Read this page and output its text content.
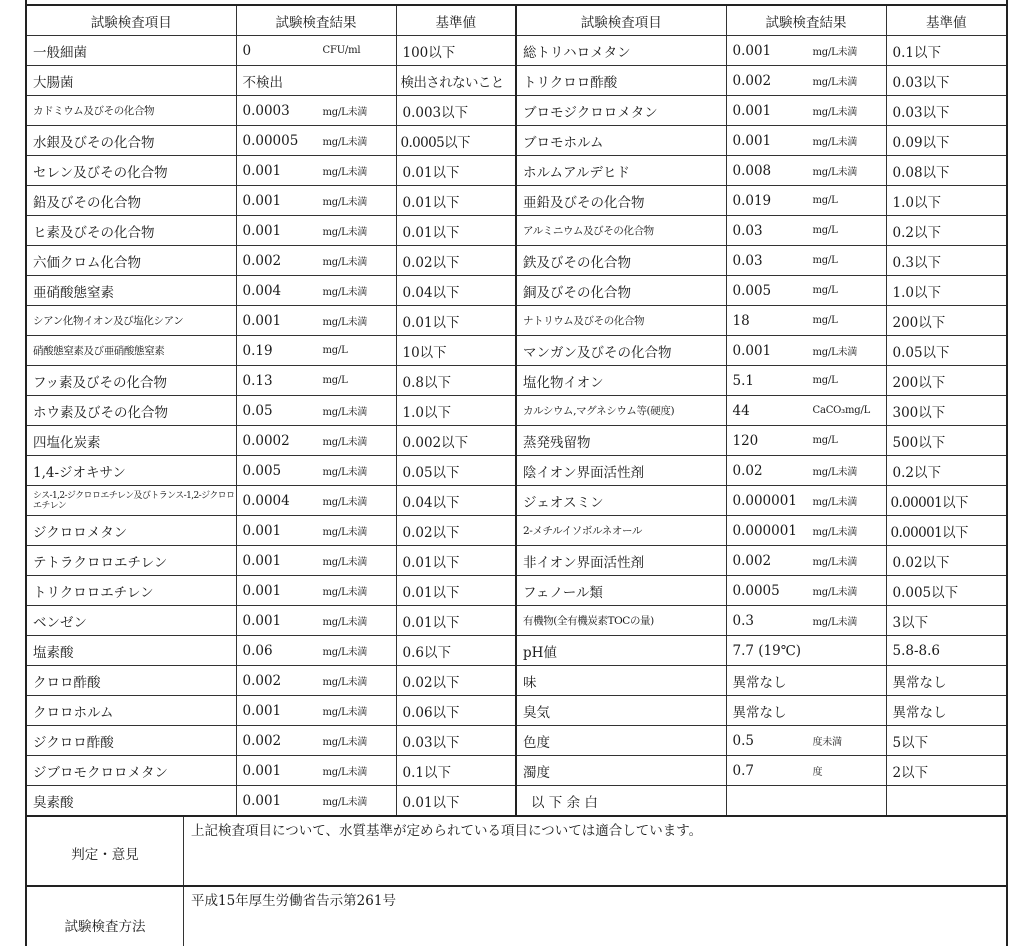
試験検査項目	試験検査結果	基準値	試験検査項目	試験検査結果	基準値
一般細菌	0 CFU/ml	100以下	総トリハロメタン	0.001 mg/L未満	0.1以下
大腸菌	不検出	検出されないこと	トリクロロ酢酸	0.002 mg/L未満	0.03以下
カドミウム及びその化合物	0.0003 mg/L未満	0.003以下	ブロモジクロロメタン	0.001 mg/L未満	0.03以下
水銀及びその化合物	0.00005 mg/L未満	0.0005以下	ブロモホルム	0.001 mg/L未満	0.09以下
セレン及びその化合物	0.001 mg/L未満	0.01以下	ホルムアルデヒド	0.008 mg/L未満	0.08以下
鉛及びその化合物	0.001 mg/L未満	0.01以下	亜鉛及びその化合物	0.019 mg/L	1.0以下
ヒ素及びその化合物	0.001 mg/L未満	0.01以下	アルミニウム及びその化合物	0.03 mg/L	0.2以下
六価クロム化合物	0.002 mg/L未満	0.02以下	鉄及びその化合物	0.03 mg/L	0.3以下
亜硝酸態窒素	0.004 mg/L未満	0.04以下	銅及びその化合物	0.005 mg/L	1.0以下
シアン化物イオン及び塩化シアン	0.001 mg/L未満	0.01以下	ナトリウム及びその化合物	18 mg/L	200以下
硝酸態窒素及び亜硝酸態窒素	0.19 mg/L	10以下	マンガン及びその化合物	0.001 mg/L未満	0.05以下
フッ素及びその化合物	0.13 mg/L	0.8以下	塩化物イオン	5.1 mg/L	200以下
ホウ素及びその化合物	0.05 mg/L未満	1.0以下	カルシウム,マグネシウム等(硬度)	44 CaCO₃mg/L	300以下
四塩化炭素	0.0002 mg/L未満	0.002以下	蒸発残留物	120 mg/L	500以下
1,4-ジオキサン	0.005 mg/L未満	0.05以下	陰イオン界面活性剤	0.02 mg/L未満	0.2以下
シス-1,2-ジクロロエチレン及びトランス-1,2-ジクロロエチレン	0.0004 mg/L未満	0.04以下	ジェオスミン	0.000001 mg/L未満	0.00001以下
ジクロロメタン	0.001 mg/L未満	0.02以下	2-メチルイソボルネオール	0.000001 mg/L未満	0.00001以下
テトラクロロエチレン	0.001 mg/L未満	0.01以下	非イオン界面活性剤	0.002 mg/L未満	0.02以下
トリクロロエチレン	0.001 mg/L未満	0.01以下	フェノール類	0.0005 mg/L未満	0.005以下
ベンゼン	0.001 mg/L未満	0.01以下	有機物(全有機炭素TOCの量)	0.3 mg/L未満	3以下
塩素酸	0.06 mg/L未満	0.6以下	pH値	7.7 (19℃)	5.8-8.6
クロロ酢酸	0.002 mg/L未満	0.02以下	味	異常なし	異常なし
クロロホルム	0.001 mg/L未満	0.06以下	臭気	異常なし	異常なし
ジクロロ酢酸	0.002 mg/L未満	0.03以下	色度	0.5 度未満	5以下
ジブロモクロロメタン	0.001 mg/L未満	0.1以下	濁度	0.7 度	2以下
臭素酸	0.001 mg/L未満	0.01以下	以 下 余 白	

判定・意見
上記検査項目について、水質基準が定められている項目については適合しています。
試験検査方法
平成15年厚生労働省告示第261号
